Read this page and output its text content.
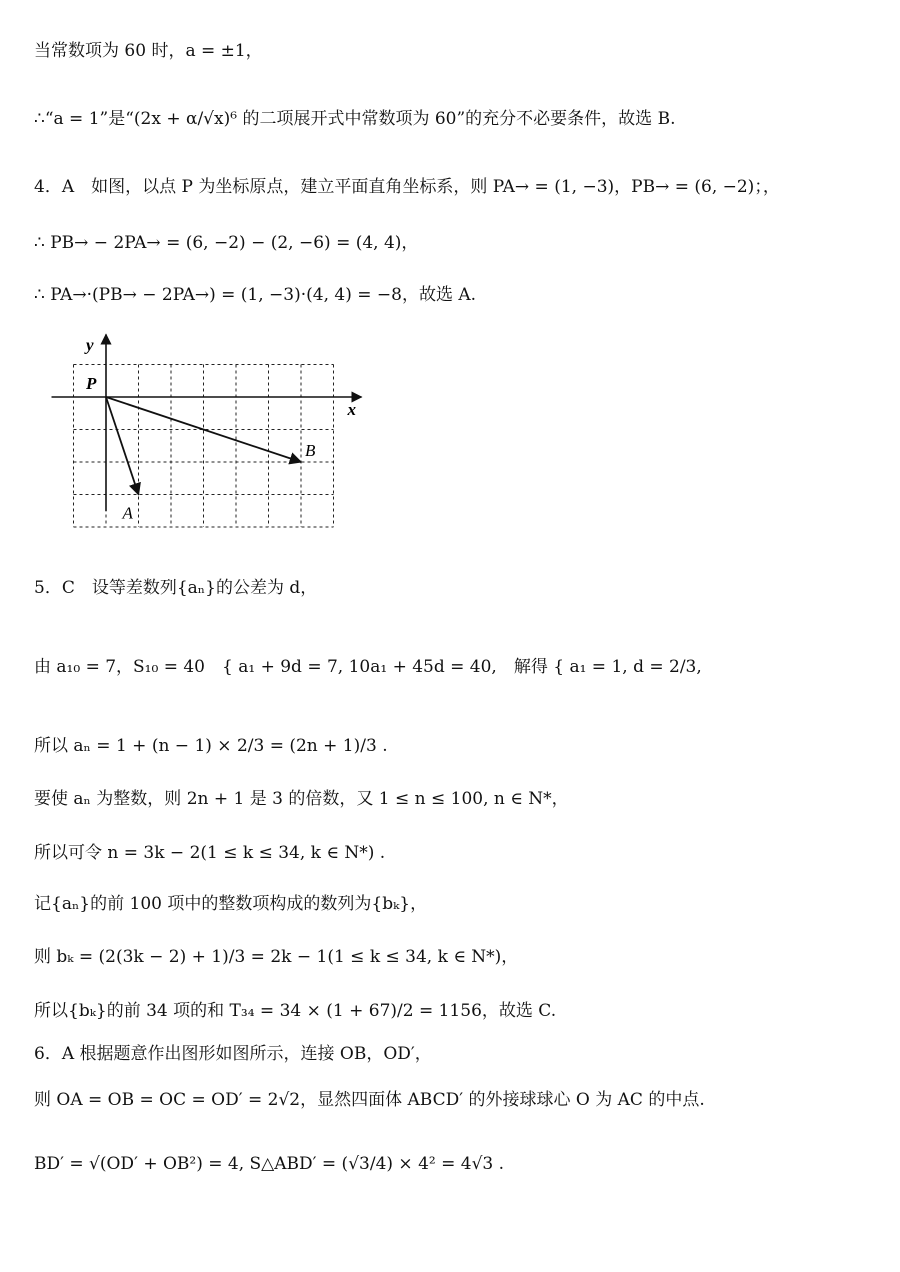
当常数项为 60 时，a = ±1，
∴“a = 1”是“(2x + α/√x)⁶ 的二项展开式中常数项为 60”的充分不必要条件，故选 B.
4．A　如图，以点 P 为坐标原点，建立平面直角坐标系，则 PA→ = (1, −3)，PB→ = (6, −2)；，
∴ PB→ − 2PA→ = (6, −2) − (2, −6) = (4, 4)，
∴ PA→·(PB→ − 2PA→) = (1, −3)·(4, 4) = −8，故选 A.
5．C　设等差数列{aₙ}的公差为 d，
由 a₁₀ = 7，S₁₀ = 40　{ a₁ + 9d = 7, 10a₁ + 45d = 40,　解得 { a₁ = 1, d = 2/3,
所以 aₙ = 1 + (n − 1) × 2/3 = (2n + 1)/3 .
要使 aₙ 为整数，则 2n + 1 是 3 的倍数，又 1 ≤ n ≤ 100, n ∈ N*，
所以可令 n = 3k − 2(1 ≤ k ≤ 34, k ∈ N*) .
记{aₙ}的前 100 项中的整数项构成的数列为{bₖ}，
则 bₖ = (2(3k − 2) + 1)/3 = 2k − 1(1 ≤ k ≤ 34, k ∈ N*)，
所以{bₖ}的前 34 项的和 T₃₄ = 34 × (1 + 67)/2 = 1156，故选 C.
6．A 根据题意作出图形如图所示，连接 OB，OD′，
则 OA = OB = OC = OD′ = 2√2，显然四面体 ABCD′ 的外接球球心 O 为 AC 的中点.
BD′ = √(OD′ + OB²) = 4, S△ABD′ = (√3/4) × 4² = 4√3 .
x
y
P
A
B
